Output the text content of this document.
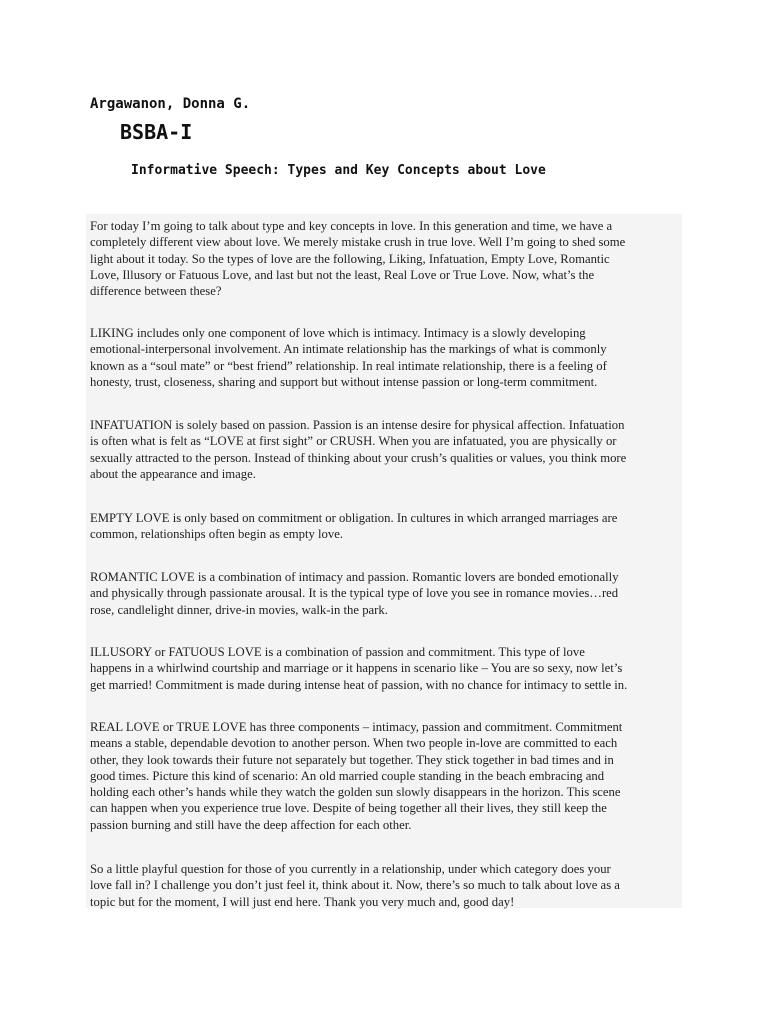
Argawanon, Donna G.
BSBA-I
Informative Speech: Types and Key Concepts about Love

For today I’m going to talk about type and key concepts in love. In this generation and time, we have a
completely different view about love. We merely mistake crush in true love. Well I’m going to shed some
light about it today. So the types of love are the following, Liking, Infatuation, Empty Love, Romantic
Love, Illusory or Fatuous Love, and last but not the least, Real Love or True Love. Now, what’s the
difference between these?

LIKING includes only one component of love which is intimacy. Intimacy is a slowly developing
emotional-interpersonal involvement. An intimate relationship has the markings of what is commonly
known as a “soul mate” or “best friend” relationship. In real intimate relationship, there is a feeling of
honesty, trust, closeness, sharing and support but without intense passion or long-term commitment.

INFATUATION is solely based on passion. Passion is an intense desire for physical affection. Infatuation
is often what is felt as “LOVE at first sight” or CRUSH. When you are infatuated, you are physically or
sexually attracted to the person. Instead of thinking about your crush’s qualities or values, you think more
about the appearance and image.

EMPTY LOVE is only based on commitment or obligation. In cultures in which arranged marriages are
common, relationships often begin as empty love.

ROMANTIC LOVE is a combination of intimacy and passion. Romantic lovers are bonded emotionally
and physically through passionate arousal. It is the typical type of love you see in romance movies…red
rose, candlelight dinner, drive-in movies, walk-in the park.

ILLUSORY or FATUOUS LOVE is a combination of passion and commitment. This type of love
happens in a whirlwind courtship and marriage or it happens in scenario like – You are so sexy, now let’s
get married! Commitment is made during intense heat of passion, with no chance for intimacy to settle in.

REAL LOVE or TRUE LOVE has three components – intimacy, passion and commitment. Commitment
means a stable, dependable devotion to another person. When two people in-love are committed to each
other, they look towards their future not separately but together. They stick together in bad times and in
good times. Picture this kind of scenario: An old married couple standing in the beach embracing and
holding each other’s hands while they watch the golden sun slowly disappears in the horizon. This scene
can happen when you experience true love. Despite of being together all their lives, they still keep the
passion burning and still have the deep affection for each other.

So a little playful question for those of you currently in a relationship, under which category does your
love fall in? I challenge you don’t just feel it, think about it. Now, there’s so much to talk about love as a
topic but for the moment, I will just end here. Thank you very much and, good day!
